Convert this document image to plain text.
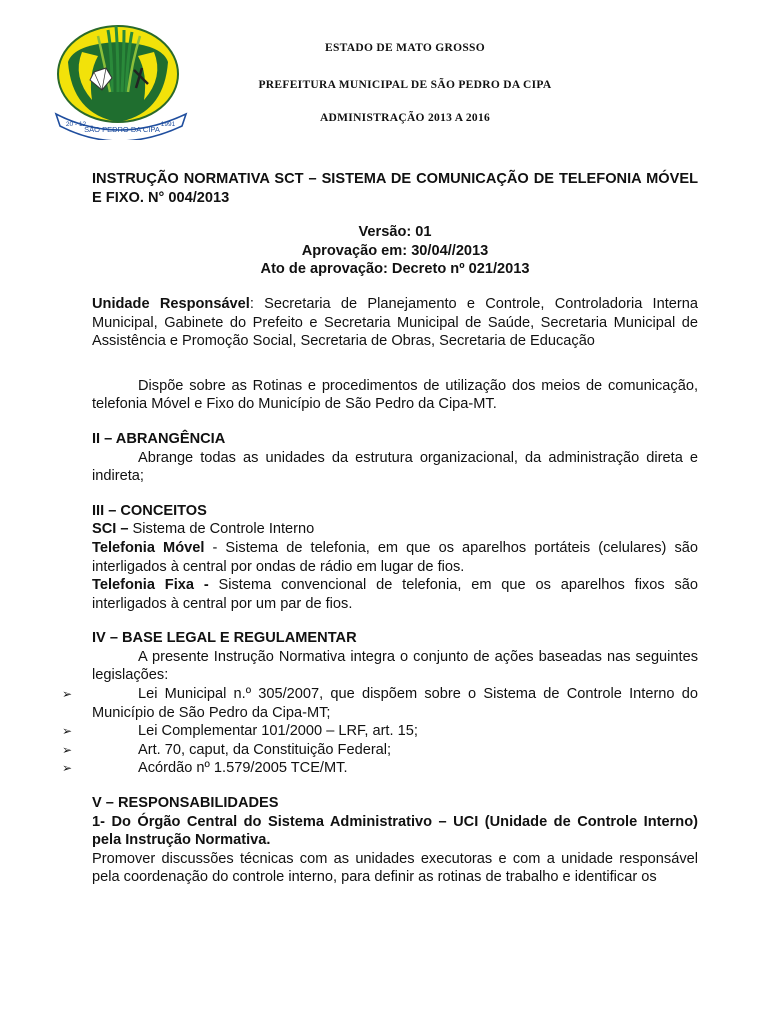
SÃO PEDRO DA CIPA
20 - 12	1991
ESTADO DE MATO GROSSO
PREFEITURA MUNICIPAL DE SÃO PEDRO DA CIPA
ADMINISTRAÇÃO 2013 A 2016

INSTRUÇÃO NORMATIVA SCT – SISTEMA DE COMUNICAÇÃO DE TELEFONIA MÓVEL E FIXO. N° 004/2013

Versão: 01
Aprovação em: 30/04//2013
Ato de aprovação: Decreto nº 021/2013

Unidade Responsável: Secretaria de Planejamento e Controle, Controladoria Interna Municipal, Gabinete do Prefeito e Secretaria Municipal de Saúde, Secretaria Municipal de Assistência e Promoção Social, Secretaria de Obras, Secretaria de Educação

Dispõe sobre as Rotinas e procedimentos de utilização dos meios de comunicação, telefonia Móvel e Fixo do Município de São Pedro da Cipa-MT.

II – ABRANGÊNCIA

Abrange todas as unidades da estrutura organizacional, da administração direta e indireta;

III – CONCEITOS

SCI – Sistema de Controle Interno

Telefonia Móvel - Sistema de telefonia, em que os aparelhos portáteis (celulares) são interligados à central por ondas de rádio em lugar de fios.

Telefonia Fixa - Sistema convencional de telefonia, em que os aparelhos fixos são interligados à central por um par de fios.

IV – BASE LEGAL E REGULAMENTAR

A presente Instrução Normativa integra o conjunto de ações baseadas nas seguintes legislações:

➢	Lei Municipal n.º 305/2007, que dispõem sobre o Sistema de Controle Interno do Município de São Pedro da Cipa-MT;

➢	Lei Complementar 101/2000 – LRF, art. 15;

➢	Art. 70, caput, da Constituição Federal;

➢	Acórdão nº 1.579/2005 TCE/MT.

V – RESPONSABILIDADES

1- Do Órgão Central do Sistema Administrativo – UCI (Unidade de Controle Interno) pela Instrução Normativa.

Promover discussões técnicas com as unidades executoras e com a unidade responsável pela coordenação do controle interno, para definir as rotinas de trabalho e identificar os
